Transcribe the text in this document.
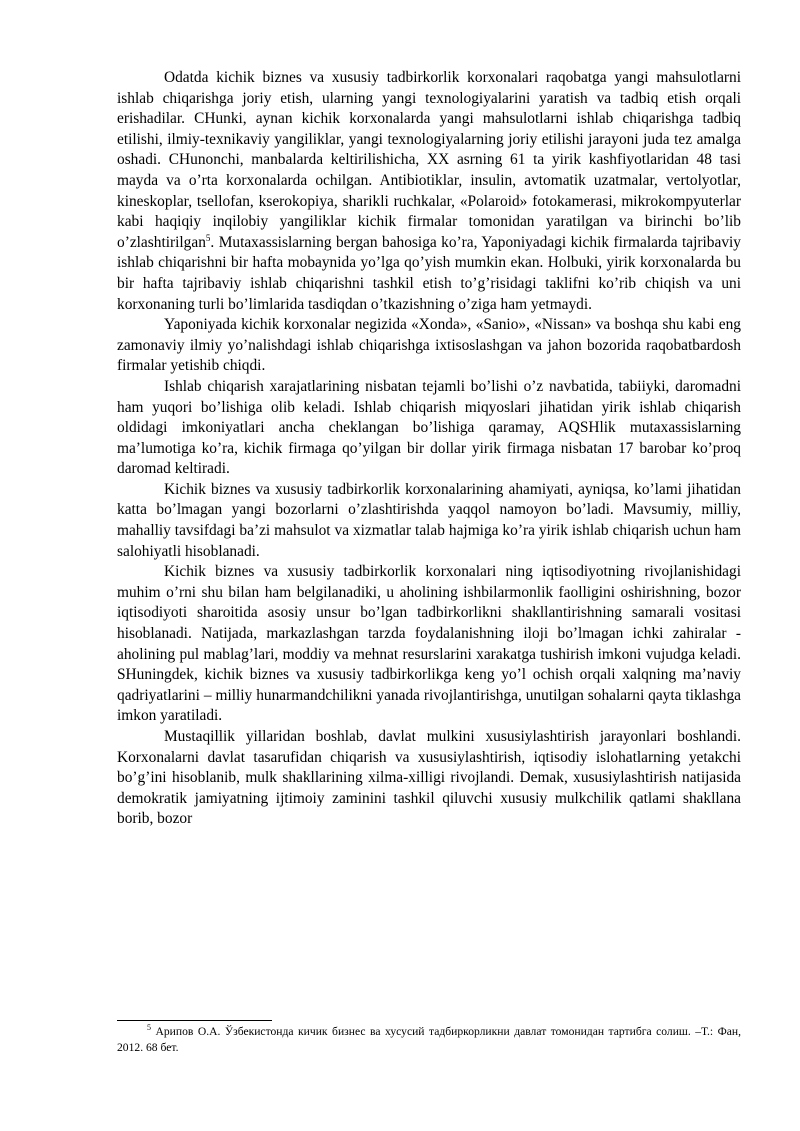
Odatda kichik biznes va xususiy tadbirkorlik korxonalari raqobatga yangi mahsulotlarni ishlab chiqarishga joriy etish, ularning yangi texnologiyalarini yaratish va tadbiq etish orqali erishadilar. CHunki, aynan kichik korxonalarda yangi mahsulotlarni ishlab chiqarishga tadbiq etilishi, ilmiy-texnikaviy yangiliklar, yangi texnologiyalarning joriy etilishi jarayoni juda tez amalga oshadi. CHunonchi, manbalarda keltirilishicha, XX asrning 61 ta yirik kashfiyotlaridan 48 tasi mayda va o’rta korxonalarda ochilgan. Antibiotiklar, insulin, avtomatik uzatmalar, vertolyotlar, kineskoplar, tsellofan, kserokopiya, sharikli ruchkalar, «Polaroid» fotokamerasi, mikrokompyuterlar kabi haqiqiy inqilobiy yangiliklar kichik firmalar tomonidan yaratilgan va birinchi bo’lib o’zlashtirilgan$^5$. Mutaxassislarning bergan bahosiga ko’ra, Yaponiyadagi kichik firmalarda tajribaviy ishlab chiqarishni bir hafta mobaynida yo’lga qo’yish mumkin ekan. Holbuki, yirik korxonalarda bu bir hafta tajribaviy ishlab chiqarishni tashkil etish to’g’risidagi taklifni ko’rib chiqish va uni korxonaning turli bo’limlarida tasdiqdan o’tkazishning o’ziga ham yetmaydi.

Yaponiyada kichik korxonalar negizida «Xonda», «Sanio», «Nissan» va boshqa shu kabi eng zamonaviy ilmiy yo’nalishdagi ishlab chiqarishga ixtisoslashgan va jahon bozorida raqobatbardosh firmalar yetishib chiqdi.

Ishlab chiqarish xarajatlarining nisbatan tejamli bo’lishi o’z navbatida, tabiiyki, daromadni ham yuqori bo’lishiga olib keladi. Ishlab chiqarish miqyoslari jihatidan yirik ishlab chiqarish oldidagi imkoniyatlari ancha cheklangan bo’lishiga qaramay, AQSHlik mutaxassislarning ma’lumotiga ko’ra, kichik firmaga qo’yilgan bir dollar yirik firmaga nisbatan 17 barobar ko’proq daromad keltiradi.

Kichik biznes va xususiy tadbirkorlik korxonalarining ahamiyati, ayniqsa, ko’lami jihatidan katta bo’lmagan yangi bozorlarni o’zlashtirishda yaqqol namoyon bo’ladi. Mavsumiy, milliy, mahalliy tavsifdagi ba’zi mahsulot va xizmatlar talab hajmiga ko’ra yirik ishlab chiqarish uchun ham salohiyatli hisoblanadi.

Kichik biznes va xususiy tadbirkorlik korxonalari ning iqtisodiyotning rivojlanishidagi muhim o’rni shu bilan ham belgilanadiki, u aholining ishbilarmonlik faolligini oshirishning, bozor iqtisodiyoti sharoitida asosiy unsur bo’lgan tadbirkorlikni shakllantirishning samarali vositasi hisoblanadi. Natijada, markazlashgan tarzda foydalanishning iloji bo’lmagan ichki zahiralar - aholining pul mablag’lari, moddiy va mehnat resurslarini xarakatga tushirish imkoni vujudga keladi. SHuningdek, kichik biznes va xususiy tadbirkorlikga keng yo’l ochish orqali xalqning ma’naviy qadriyatlarini – milliy hunarmandchilikni yanada rivojlantirishga, unutilgan sohalarni qayta tiklashga imkon yaratiladi.

Mustaqillik yillaridan boshlab, davlat mulkini xususiylashtirish jarayonlari boshlandi. Korxonalarni davlat tasarufidan chiqarish va xususiylashtirish, iqtisodiy islohatlarning yetakchi bo’g’ini hisoblanib, mulk shakllarining xilma-xilligi rivojlandi. Demak, xususiylashtirish natijasida demokratik jamiyatning ijtimoiy zaminini tashkil qiluvchi xususiy mulkchilik qatlami shakllana borib, bozor

$^5$ Арипов О.А. Ўзбекистонда кичик бизнес ва хусусий тадбиркорликни давлат томонидан тартибга солиш. –Т.: Фан, 2012. 68 бет.
